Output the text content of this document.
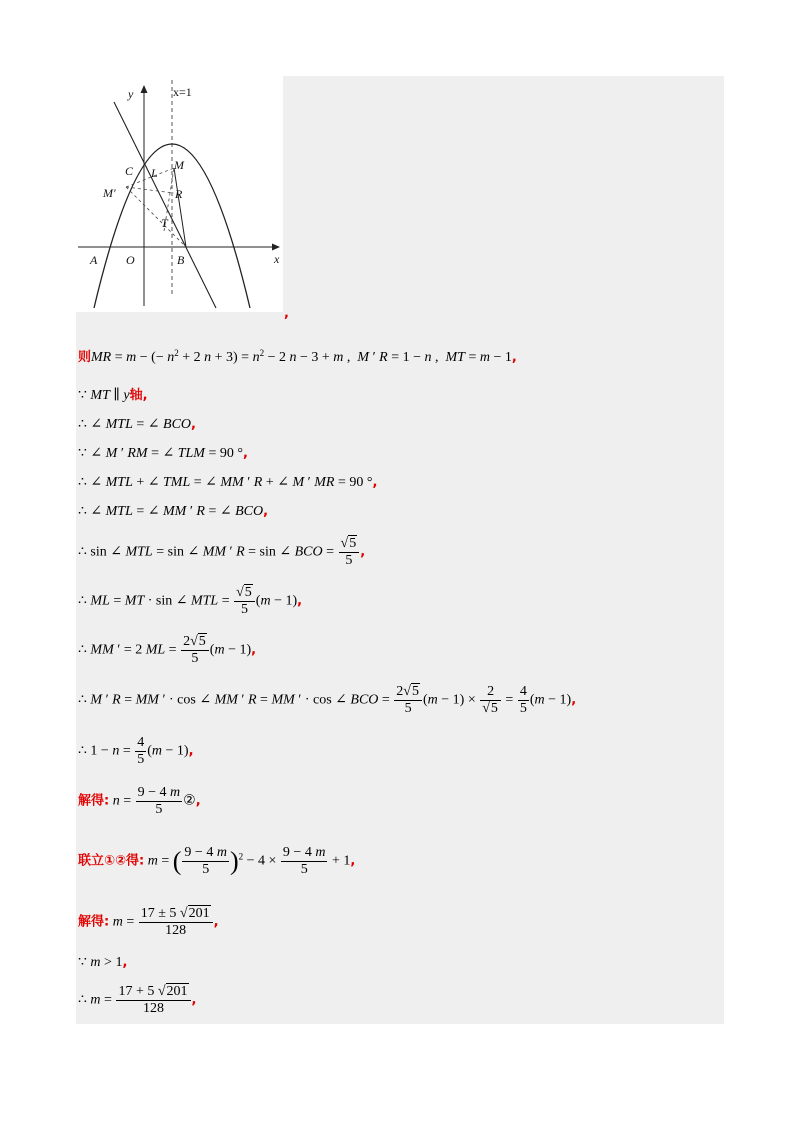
y	x=1
x
C	M
L
M′	R
T
A O	B
,
则MR = m − (− $n^2 + 2$ $n + 3) = n^2 - 2$ n − 3 + m ,  M ′ R = 1 − n ,  MT = m − 1,
∵ MT ∥ y轴,
∴ ∠ MTL = ∠ BCO,
∵ ∠ M ′ RM = ∠ TLM = 90 °,
∴ ∠ MTL + ∠ TML = ∠ MM ′ R + ∠ M ′ MR = 90 °,
∴ ∠ MTL = ∠ MM ′ R = ∠ BCO,
∴ sin ∠ MTL = sin ∠ MM ′ R = sin ∠ BCO = $\frac{√5}{5}$ ,
∴ ML = MT · sin ∠ MTL = $\frac{√5}{5} (m - 1)$,
∴ MM ′ = 2 ML = $\frac{2√5}{5} (m - 1)$,
∴ M ′ R = MM ′ · cos ∠ MM ′ R = MM ′ · cos ∠ BCO = $\frac{2√5}{5} (m - 1) \times \frac{2}{√5} = \frac{4}{5} (m - 1)$,
∴ $1 - n = \frac{4}{5} (m - 1)$,
解得: $n = \frac{9 - 4 m}{5}$ ②,
联立①②得: m = ( $\frac{9 - 4 m}{5} )^2 - 4 \times \frac{9 - 4 m}{5} + 1$,
解得: $m = \frac{17 \pm 5 √201}{128}$ ,
∵ m > 1,
∴ $m = \frac{17 + 5 √201}{128}$ ,
